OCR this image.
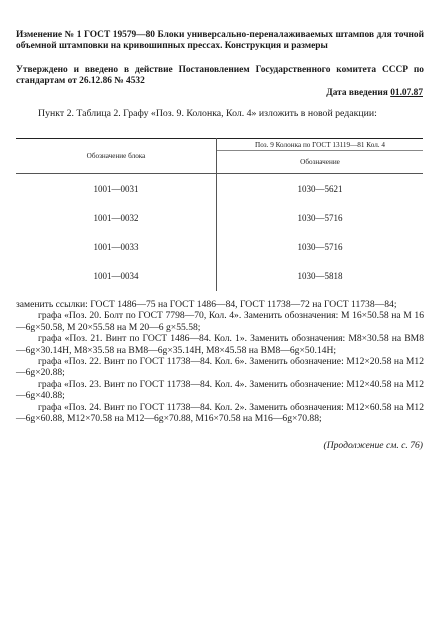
Изменение № 1 ГОСТ 19579—80 Блоки универсально-переналаживаемых штампов для точной объемной штамповки на кривошипных прессах. Конструкция и размеры
Утверждено и введено в действие Постановлением Государственного комитета СССР по стандартам от 26.12.86 № 4532
Дата введения 01.07.87
Пункт 2. Таблица 2. Графу «Поз. 9. Колонка, Кол. 4» изложить в новой редакции:
Обозначение блока	Поз. 9 Колонка по ГОСТ 13119—81 Кол. 4
	Обозначение
1001—0031	1030—5621
1001—0032	1030—5716
1001—0033	1030—5716
1001—0034	1030—5818

заменить ссылки: ГОСТ 1486—75 на ГОСТ 1486—84, ГОСТ 11738—72 на ГОСТ 11738—84;

графа «Поз. 20. Болт по ГОСТ 7798—70, Кол. 4». Заменить обозначения: М 16×50.58 на М 16—6g×50.58, М 20×55.58 на М 20—6 g×55.58;

графа «Поз. 21. Винт по ГОСТ 1486—84. Кол. 1». Заменить обозначения: М8×30.58 на ВМ8—6g×30.14Н, М8×35.58 на ВМ8—6g×35.14Н, М8×45.58 на ВМ8—6g×50.14Н;

графа «Поз. 22. Винт по ГОСТ 11738—84. Кол. 6». Заменить обозначение: М12×20.58 на М12—6g×20.88;

графа «Поз. 23. Винт по ГОСТ 11738—84. Кол. 4». Заменить обозначение: М12×40.58 на М12—6g×40.88;

графа «Поз. 24. Винт по ГОСТ 11738—84. Кол. 2». Заменить обозначения: М12×60.58 на М12—6g×60.88, М12×70.58 на М12—6g×70.88, М16×70.58 на М16—6g×70.88;

(Продолжение см. с. 76)
